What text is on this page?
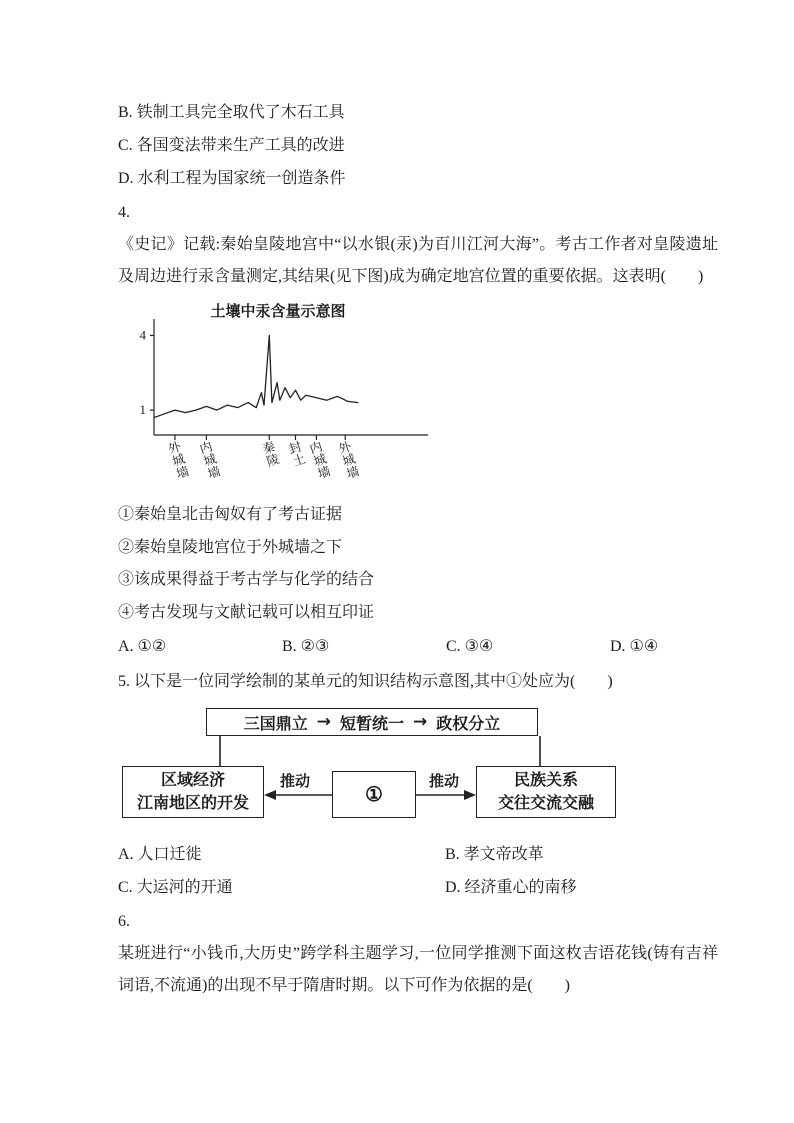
B. 铁制工具完全取代了木石工具
C. 各国变法带来生产工具的改进
D. 水利工程为国家统一创造条件
4.

《史记》记载:秦始皇陵地宫中“以水银(汞)为百川江河大海”。考古工作者对皇陵遗址及周边进行汞含量测定,其结果(见下图)成为确定地宫位置的重要依据。这表明(　　)

土壤中汞含量示意图
1
4
外城墙
内城墙
秦陵
封土
内城墙
外城墙
①秦始皇北击匈奴有了考古证据
②秦始皇陵地宫位于外城墙之下
③该成果得益于考古学与化学的结合
④考古发现与文献记载可以相互印证
A. ①②	B. ②③	C. ③④	D. ①④
5. 以下是一位同学绘制的某单元的知识结构示意图,其中①处应为(　　)
三国鼎立 → 短暂统一 → 政权分立
区域经济
江南地区的开发	①
民族关系
交往交流交融
推动	推动
A. 人口迁徙	B. 孝文帝改革
C. 大运河的开通	D. 经济重心的南移
6.

某班进行“小钱币,大历史”跨学科主题学习,一位同学推测下面这枚吉语花钱(铸有吉祥词语,不流通)的出现不早于隋唐时期。以下可作为依据的是(　　)
